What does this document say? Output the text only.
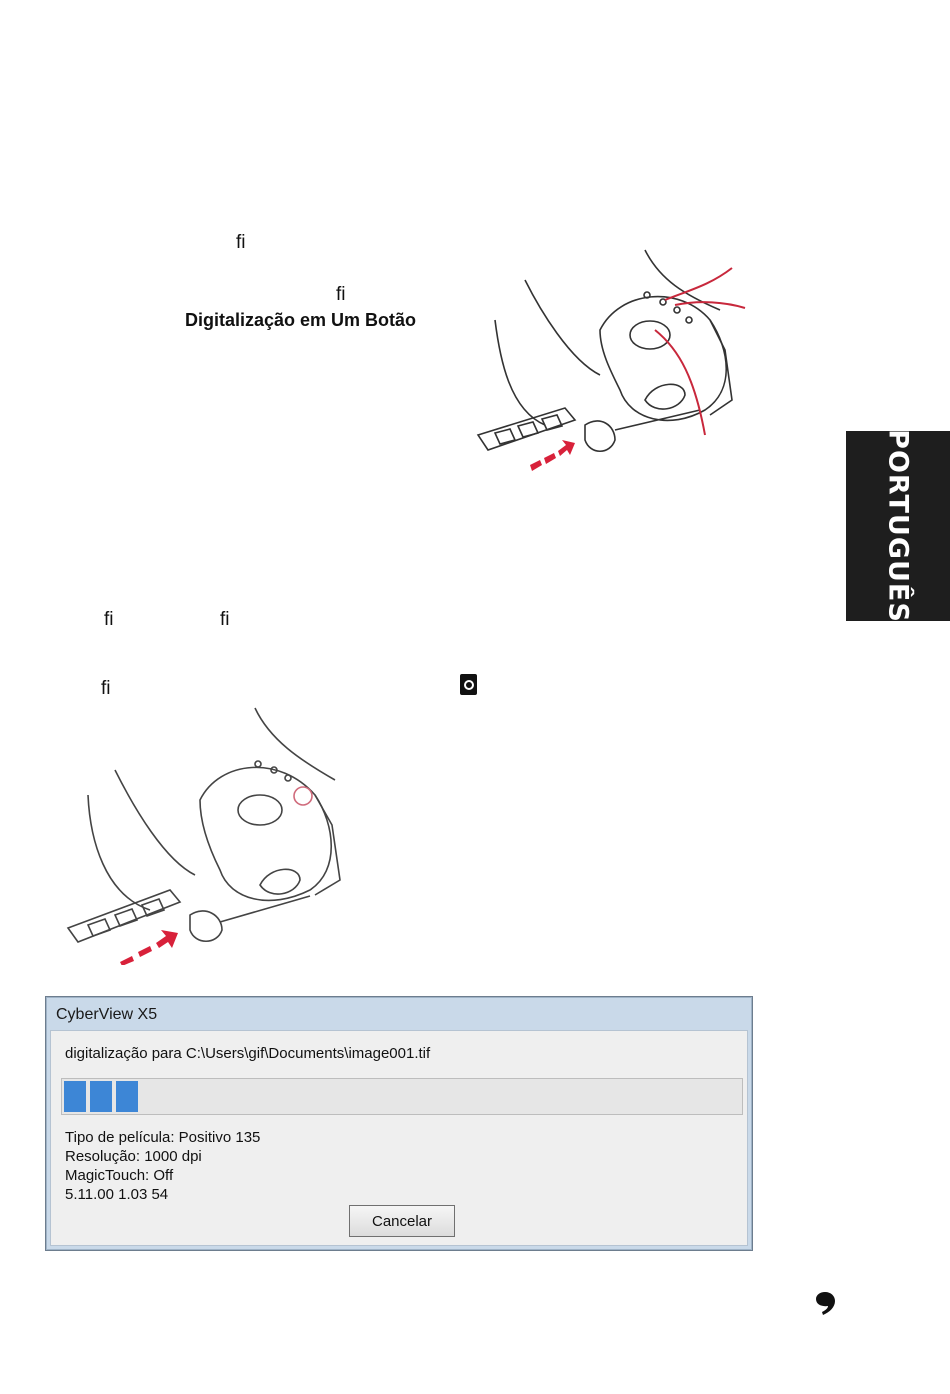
ﬁ
ﬁ
Digitalização em Um Botão
PORTUGUÊS
ﬁ	ﬁ
ﬁ
CyberView X5
digitalização para C:\Users\gif\Documents\image001.tif
Tipo de película: Positivo 135
Resolução: 1000 dpi
MagicTouch: Off
5.11.00 1.03 54
Cancelar
